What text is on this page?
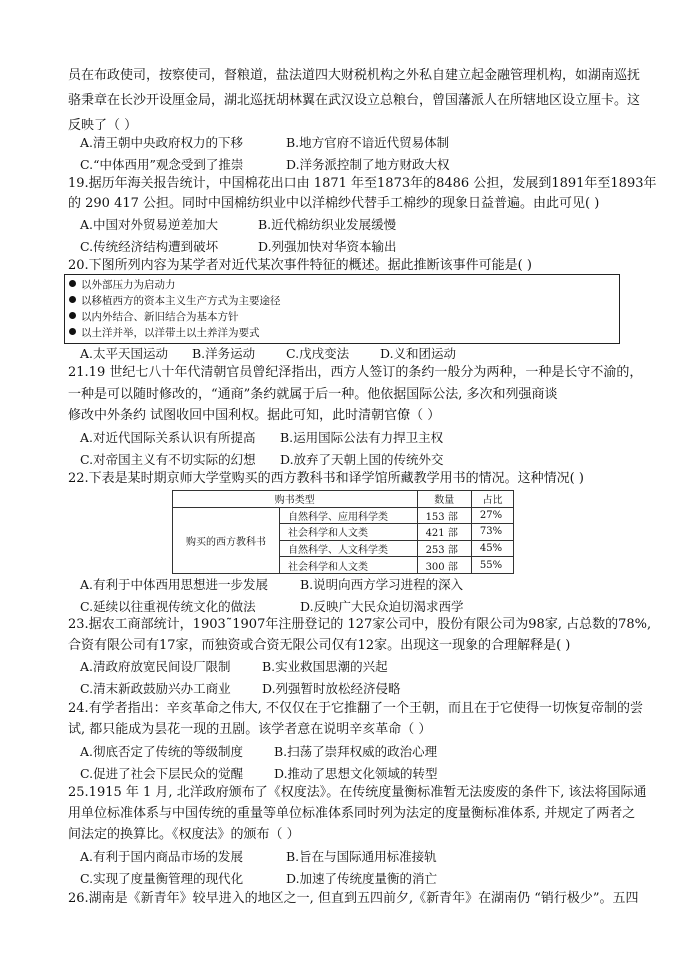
员在布政使司，按察使司，督粮道，盐法道四大财税机构之外私自建立起金融管理机构，如湖南巡抚
骆秉章在长沙开设厘金局，湖北巡抚胡林翼在武汉设立总粮台，曾国藩派人在所辖地区设立厘卡。这
反映了（ ）
A.清王朝中央政府权力的下移	B.地方官府不谙近代贸易体制
C.“中体西用”观念受到了推崇	D.洋务派控制了地方财政大权
19.据历年海关报告统计，中国棉花出口由 1871 年至1873年的8486 公担，发展到1891年至1893年
的 290 417 公担。同时中国棉纺织业中以洋棉纱代替手工棉纱的现象日益普遍。由此可见( )
A.中国对外贸易逆差加大	B.近代棉纺织业发展缓慢
C.传统经济结构遭到破坏	D.列强加快对华资本输出
20.下图所列内容为某学者对近代某次事件特征的概述。据此推断该事件可能是( )
以外部压力为启动力
以移植西方的资本主义生产方式为主要途径
以内外结合、新旧结合为基本方针
以土洋并举，以洋带土以土养洋为要式
A.太平天国运动 B.洋务运动 C.戊戌变法 D.义和团运动
21.19 世纪七八十年代清朝官员曾纪泽指出，西方人签订的条约一般分为两种，一种是长守不渝的，
一种是可以随时修改的，“通商”条约就属于后一种。他依据国际公法, 多次和列强商谈
修改中外条约 试图收回中国利权。据此可知，此时清朝官僚（ ）
A.对近代国际关系认识有所提高 B.运用国际公法有力捍卫主权
C.对帝国主义有不切实际的幻想 D.放弃了天朝上国的传统外交
22.下表是某时期京师大学堂购买的西方教科书和译学馆所藏教学用书的情况。这种情况( )
购书类型		数量	占比
购买的西方教科书	自然科学、应用科学类	153 部	27%
	社会科学和人文类	421 部	73%
	自然科学、人文科学类	253 部	45%
	社会科学和人文类	300 部	55%
A.有利于中体西用思想进一步发展	B.说明向西方学习进程的深入
C.延续以往重视传统文化的做法	D.反映广大民众迫切渴求西学
23.据农工商部统计，1903˜1907年注册登记的 127家公司中，股份有限公司为98家, 占总数的78%,
合资有限公司有17家，而独资或合资无限公司仅有12家。出现这一现象的合理解释是( )
A.清政府放宽民间设厂限制	B.实业救国思潮的兴起
C.清末新政鼓励兴办工商业	D.列强暂时放松经济侵略
24.有学者指出：辛亥革命之伟大, 不仅仅在于它推翻了一个王朝，而且在于它使得一切恢复帝制的尝
试, 都只能成为昙花一现的丑剧。该学者意在说明辛亥革命（ ）
A.彻底否定了传统的等级制度 B.扫荡了崇拜权威的政治心理
C.促进了社会下层民众的觉醒 D.推动了思想文化领域的转型
25.1915 年 1 月, 北洋政府颁布了《权度法》。在传统度量衡标准暂无法废废的条件下, 该法将国际通
用单位标准体系与中国传统的重量等单位标准体系同时列为法定的度量衡标准体系, 并规定了两者之
间法定的换算比。《权度法》的颁布（ ）
A.有利于国内商品市场的发展	B.旨在与国际通用标准接轨
C.实现了度量衡管理的现代化	D.加速了传统度量衡的消亡
26.湖南是《新青年》较早进入的地区之一, 但直到五四前夕,《新青年》在湖南仍 “销行极少”。五四
